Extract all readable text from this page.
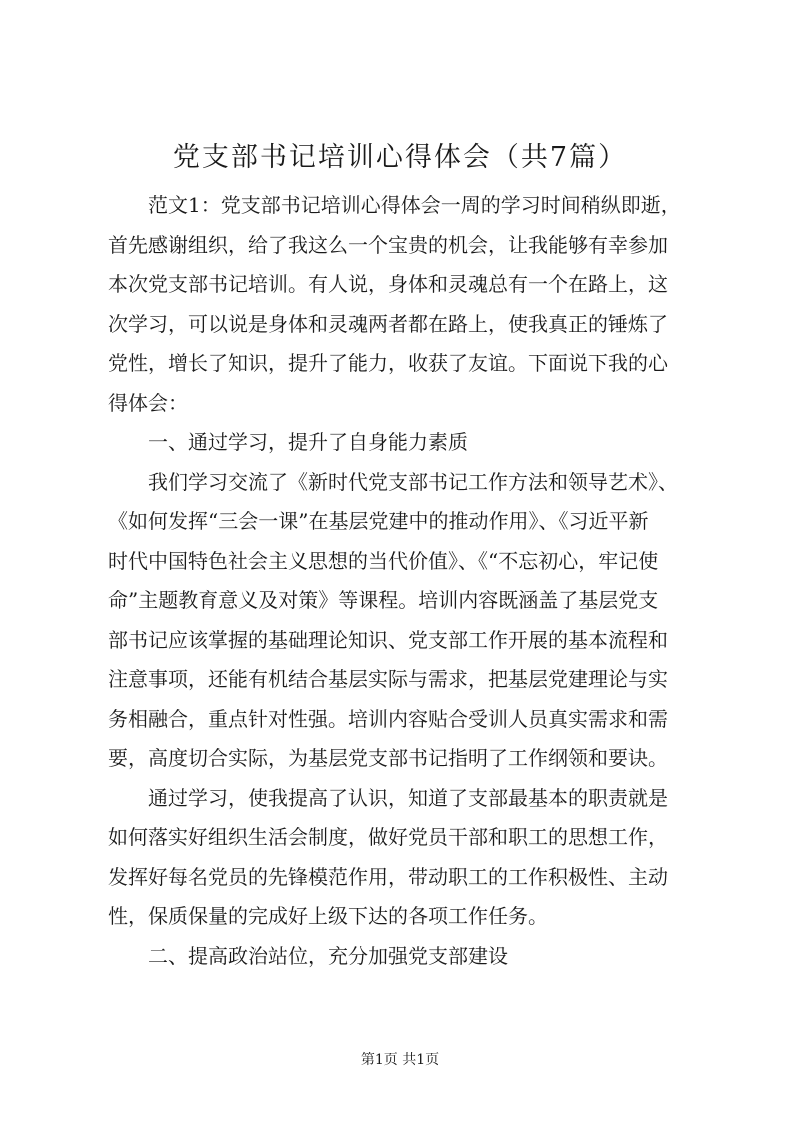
党支部书记培训心得体会（共7篇）
范文1：党支部书记培训心得体会一周的学习时间稍纵即逝，
首先感谢组织，给了我这么一个宝贵的机会，让我能够有幸参加
本次党支部书记培训。有人说，身体和灵魂总有一个在路上，这
次学习，可以说是身体和灵魂两者都在路上，使我真正的锤炼了
党性，增长了知识，提升了能力，收获了友谊。下面说下我的心
得体会：
一、通过学习，提升了自身能力素质
我们学习交流了《新时代党支部书记工作方法和领导艺术》、
《如何发挥“三会一课”在基层党建中的推动作用》、《习近平新
时代中国特色社会主义思想的当代价值》、《“不忘初心，牢记使
命”主题教育意义及对策》等课程。培训内容既涵盖了基层党支
部书记应该掌握的基础理论知识、党支部工作开展的基本流程和
注意事项，还能有机结合基层实际与需求，把基层党建理论与实
务相融合，重点针对性强。培训内容贴合受训人员真实需求和需
要，高度切合实际，为基层党支部书记指明了工作纲领和要诀。
通过学习，使我提高了认识，知道了支部最基本的职责就是
如何落实好组织生活会制度，做好党员干部和职工的思想工作，
发挥好每名党员的先锋模范作用，带动职工的工作积极性、主动
性，保质保量的完成好上级下达的各项工作任务。
二、提高政治站位，充分加强党支部建设
第1页 共1页
